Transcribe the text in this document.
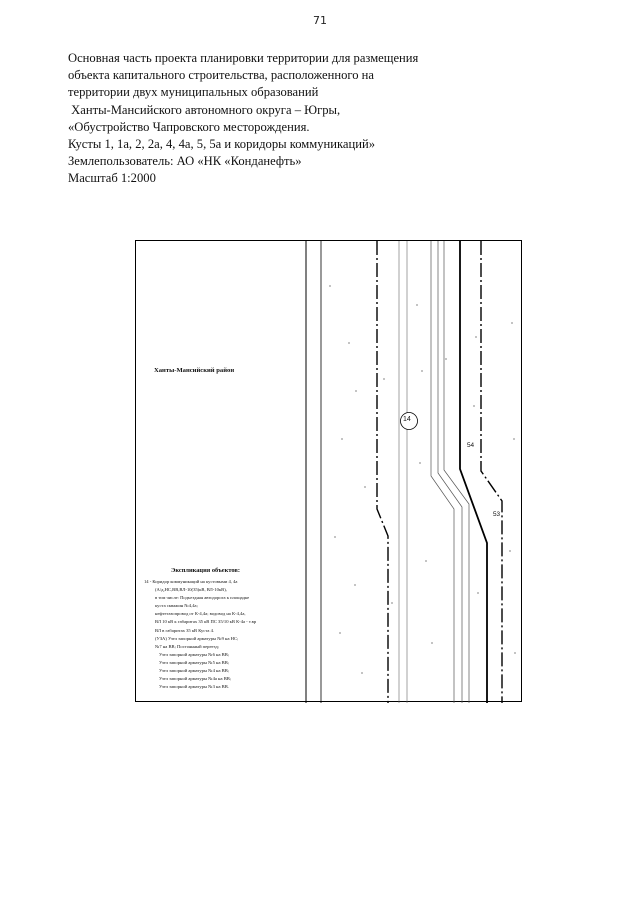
71
Основная часть проекта планировки территории для размещения
объекта капитального строительства, расположенного на
территории двух муниципальных образований
Ханты-Мансийского автономного округа – Югры,
«Обустройство Чапровского месторождения.
Кусты 1, 1а, 2, 2а, 4, 4а, 5, 5а и коридоры коммуникаций»
Землепользователь: АО «НК «Конданефть»
Масштаб 1:2000
Ханты-Мансийский район
Экспликация объектов:
14 - Коридор коммуникаций на кустовыми 4, 4а
(А/д,НС,ВВ,ВЛ-10(35)кВ, ВЛ-10кВ),
в том числе: Подъездная автодорога к площадке
куста скважин №4,4а;
нефтегазопровод от К-4,4а; водовод на К-4,4а,
ВЛ 10 кВ к габаритах 35 кВ ПС 35/10 кВ К-4а - т.вр
ВЛ в габаритах 35 кВ Куста 4.
(УЗА) Узел запорной арматуры №9 на НС;
№7 на ВВ; Постоянный переезд;
Узел запорной арматуры №6 на ВВ;
Узел запорной арматуры №5 на ВВ;
Узел запорной арматуры №4 на ВВ;
Узел запорной арматуры №4а на ВВ;
Узел запорной арматуры №3 на ВВ.
14
54
53
